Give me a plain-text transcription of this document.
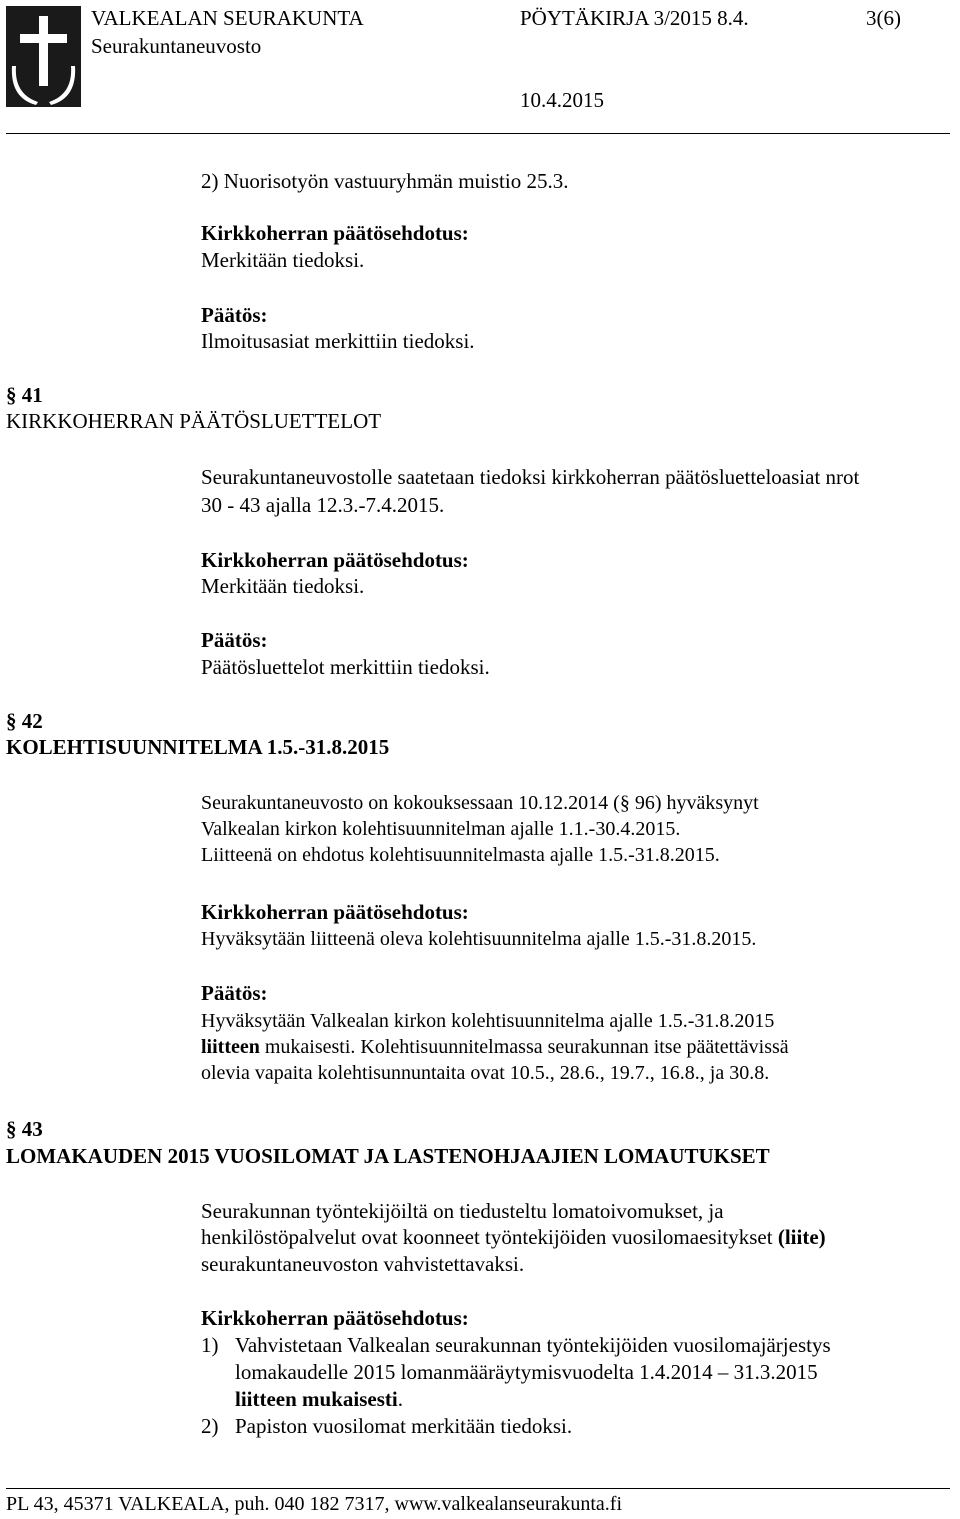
VALKEALAN SEURAKUNTA	PÖYTÄKIRJA 3/2015 8.4.	3(6)
Seurakuntaneuvosto
10.4.2015
2) Nuorisotyön vastuuryhmän muistio 25.3.
Kirkkoherran päätösehdotus:
Merkitään tiedoksi.
Päätös:
Ilmoitusasiat merkittiin tiedoksi.
§ 41
KIRKKOHERRAN PÄÄTÖSLUETTELOT
Seurakuntaneuvostolle saatetaan tiedoksi kirkkoherran päätösluetteloasiat nrot
30 - 43 ajalla 12.3.-7.4.2015.
Kirkkoherran päätösehdotus:
Merkitään tiedoksi.
Päätös:
Päätösluettelot merkittiin tiedoksi.
§ 42
KOLEHTISUUNNITELMA 1.5.-31.8.2015
Seurakuntaneuvosto on kokouksessaan 10.12.2014 (§ 96) hyväksynyt
Valkealan kirkon kolehtisuunnitelman ajalle 1.1.-30.4.2015.
Liitteenä on ehdotus kolehtisuunnitelmasta ajalle 1.5.-31.8.2015.
Kirkkoherran päätösehdotus:
Hyväksytään liitteenä oleva kolehtisuunnitelma ajalle 1.5.-31.8.2015.
Päätös:
Hyväksytään Valkealan kirkon kolehtisuunnitelma ajalle 1.5.-31.8.2015
liitteen mukaisesti. Kolehtisuunnitelmassa seurakunnan itse päätettävissä
olevia vapaita kolehtisunnuntaita ovat 10.5., 28.6., 19.7., 16.8., ja 30.8.
§ 43
LOMAKAUDEN 2015 VUOSILOMAT JA LASTENOHJAAJIEN LOMAUTUKSET
Seurakunnan työntekijöiltä on tiedusteltu lomatoivomukset, ja
henkilöstöpalvelut ovat koonneet työntekijöiden vuosilomaesitykset (liite)
seurakuntaneuvoston vahvistettavaksi.
Kirkkoherran päätösehdotus:
1) Vahvistetaan Valkealan seurakunnan työntekijöiden vuosilomajärjestys
lomakaudelle 2015 lomanmääräytymisvuodelta 1.4.2014 – 31.3.2015
liitteen mukaisesti.
2) Papiston vuosilomat merkitään tiedoksi.
PL 43, 45371 VALKEALA, puh. 040 182 7317, www.valkealanseurakunta.fi
